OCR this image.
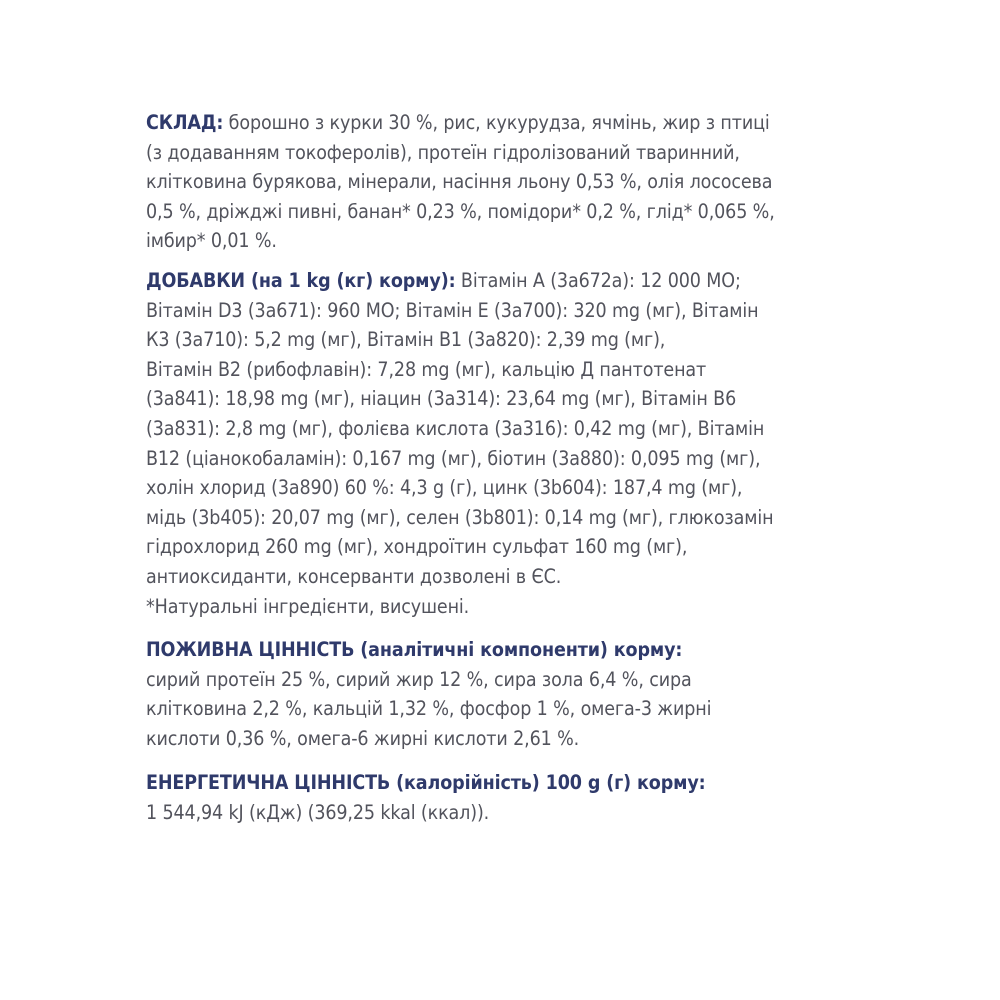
СКЛАД: борошно з курки 30 %, рис, кукурудза, ячмінь, жир з птиці
(з додаванням токоферолів), протеїн гідролізований тваринний,
клітковина бурякова, мінерали, насіння льону 0,53 %, олія лососева
0,5 %, дріжджі пивні, банан* 0,23 %, помідори* 0,2 %, глід* 0,065 %,
імбир* 0,01 %.
ДОБАВКИ (на 1 kg (кг) корму): Вітамін А (3а672а): 12 000 МО;
Вітамін D3 (3а671): 960 МО; Вітамін Е (3а700): 320 mg (мг), Вітамін
К3 (3а710): 5,2 mg (мг), Вітамін В1 (3а820): 2,39 mg (мг),
Вітамін В2 (рибофлавін): 7,28 mg (мг), кальцію Д пантотенат
(3а841): 18,98 mg (мг), ніацин (3а314): 23,64 mg (мг), Вітамін В6
(3а831): 2,8 mg (мг), фолієва кислота (3а316): 0,42 mg (мг), Вітамін
В12 (ціанокобаламін): 0,167 mg (мг), біотин (3а880): 0,095 mg (мг),
холін хлорид (3а890) 60 %: 4,3 g (г), цинк (3b604): 187,4 mg (мг),
мідь (3b405): 20,07 mg (мг), селен (3b801): 0,14 mg (мг), глюкозамін
гідрохлорид 260 mg (мг), хондроїтин сульфат 160 mg (мг),
антиоксиданти, консерванти дозволені в ЄС.
*Натуральні інгредієнти, висушені.
ПОЖИВНА ЦІННІСТЬ (аналітичні компоненти) корму:
сирий протеїн 25 %, сирий жир 12 %, сира зола 6,4 %, сира
клітковина 2,2 %, кальцій 1,32 %, фосфор 1 %, омега-3 жирні
кислоти 0,36 %, омега-6 жирні кислоти 2,61 %.
ЕНЕРГЕТИЧНА ЦІННІСТЬ (калорійність) 100 g (г) корму:
1 544,94 kJ (кДж) (369,25 kkal (ккал)).
